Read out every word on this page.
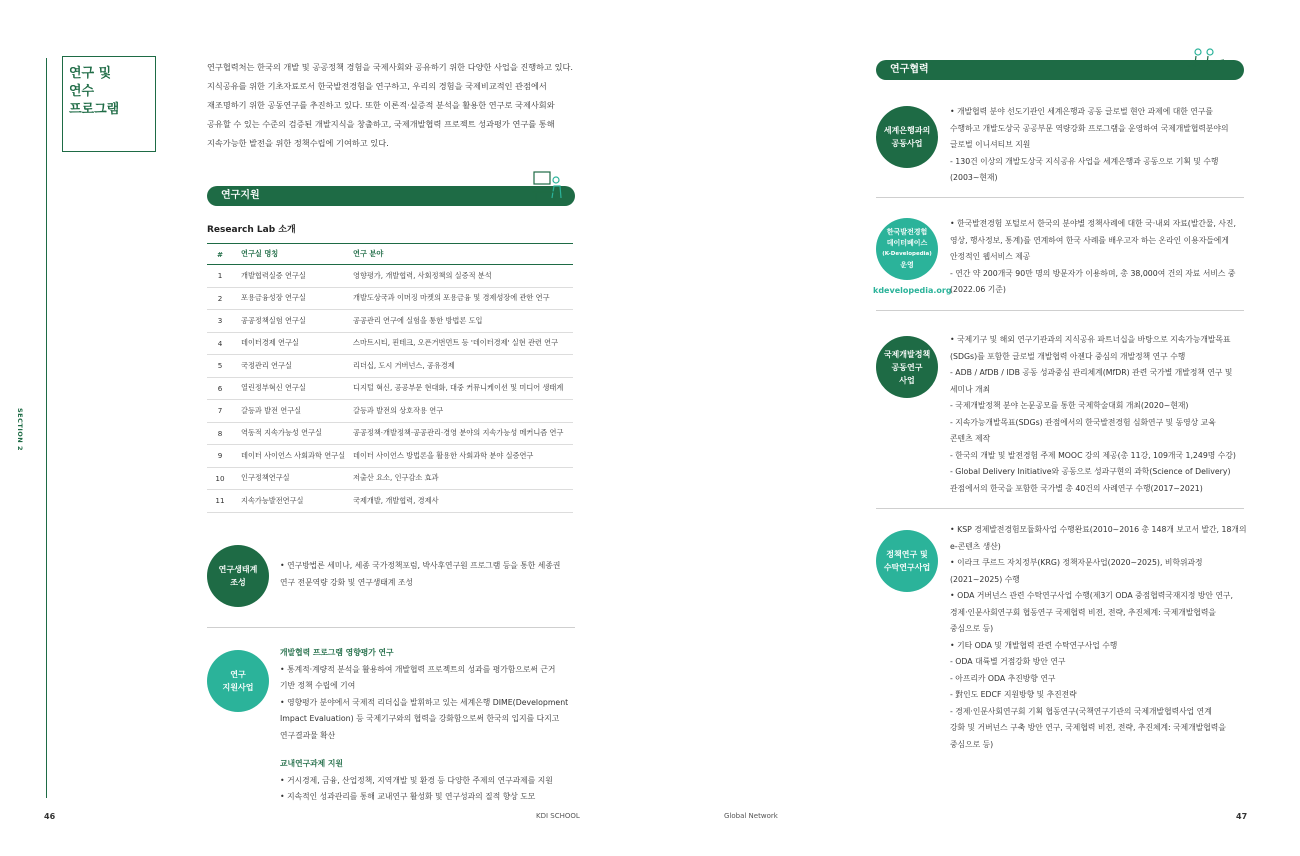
SECTION 2
연구 및
연수
프로그램
연구협력처는 한국의 개발 및 공공정책 경험을 국제사회와 공유하기 위한 다양한 사업을 진행하고 있다.
지식공유를 위한 기초자료로서 한국발전경험을 연구하고, 우리의 경험을 국제비교적인 관점에서
재조명하기 위한 공동연구를 추진하고 있다. 또한 이론적·실증적 분석을 활용한 연구로 국제사회와
공유할 수 있는 수준의 검증된 개발지식을 창출하고, 국제개발협력 프로젝트 성과평가 연구를 통해
지속가능한 발전을 위한 정책수립에 기여하고 있다.
연구지원
Research Lab 소개
#	연구실 명칭	연구 분야
1	개발협력실증 연구실	영향평가, 개발협력, 사회정책의 실증적 분석
2	포용금융성장 연구실	개발도상국과 이머징 마켓의 포용금융 및 경제성장에 관한 연구
3	공공정책실험 연구실	공공관리 연구에 실험을 통한 방법론 도입
4	데이터경제 연구실	스마트시티, 핀테크, 오픈거번먼트 등 '데이터경제' 실현 관련 연구
5	국정관리 연구실	리더십, 도시 거버넌스, 공유경제
6	열린정부혁신 연구실	디지털 혁신, 공공부문 현대화, 대중 커뮤니케이션 및 미디어 생태계
7	갈등과 발전 연구실	갈등과 발전의 상호작용 연구
8	역동적 지속가능성 연구실	공공정책·개발정책·공공관리·경영 분야의 지속가능성 메커니즘 연구
9	데이터 사이언스 사회과학 연구실	데이터 사이언스 방법론을 활용한 사회과학 분야 실증연구
10	인구정책연구실	저출산 요소, 인구감소 효과
11	지속가능발전연구실	국제개발, 개발협력, 경제사
연구생태계
조성

• 연구방법론 세미나, 세종 국가정책포럼, 박사후연구원 프로그램 등을 통한 세종권

연구 전문역량 강화 및 연구생태계 조성

연구
지원사업

개발협력 프로그램 영향평가 연구

• 통계적·계량적 분석을 활용하여 개발협력 프로젝트의 성과를 평가함으로써 근거

기반 정책 수립에 기여

• 영향평가 분야에서 국제적 리더십을 발휘하고 있는 세계은행 DIME(Development

Impact Evaluation) 등 국제기구와의 협력을 강화함으로써 한국의 입지를 다지고

연구결과물 확산

교내연구과제 지원

• 거시경제, 금융, 산업정책, 지역개발 및 환경 등 다양한 주제의 연구과제를 지원

• 지속적인 성과관리를 통해 교내연구 활성화 및 연구성과의 질적 향상 도모

46	KDI SCHOOL	Global Network	47
연구협력
세계은행과의
공동사업

• 개발협력 분야 선도기관인 세계은행과 공동 글로벌 현안 과제에 대한 연구를

수행하고 개발도상국 공공부문 역량강화 프로그램을 운영하여 국제개발협력분야의

글로벌 이니셔티브 지원

- 130건 이상의 개발도상국 지식공유 사업을 세계은행과 공동으로 기획 및 수행

(2003~현재)

한국발전경험
데이터베이스
(K-Developedia)
운영
kdevelopedia.org

• 한국발전경험 포털로서 한국의 분야별 정책사례에 대한 국·내외 자료(발간물, 사진,

영상, 행사정보, 통계)를 연계하여 한국 사례를 배우고자 하는 온라인 이용자들에게

안정적인 웹서비스 제공

- 연간 약 200개국 90만 명의 방문자가 이용하며, 총 38,000여 건의 자료 서비스 중

(2022.06 기준)

국제개발정책
공동연구
사업

• 국제기구 및 해외 연구기관과의 지식공유 파트너십을 바탕으로 지속가능개발목표

(SDGs)를 포함한 글로벌 개발협력 아젠다 중심의 개발정책 연구 수행

- ADB / AfDB / IDB 공동 성과중심 관리체계(MfDR) 관련 국가별 개발정책 연구 및

세미나 개최

- 국제개발정책 분야 논문공모를 통한 국제학술대회 개최(2020~현재)

- 지속가능개발목표(SDGs) 관점에서의 한국발전경험 심화연구 및 동영상 교육

콘텐츠 제작

- 한국의 개발 및 발전경험 주제 MOOC 강의 제공(총 11강, 109개국 1,249명 수강)

- Global Delivery Initiative와 공동으로 성과구현의 과학(Science of Delivery)

관점에서의 한국을 포함한 국가별 총 40건의 사례연구 수행(2017~2021)

정책연구 및
수탁연구사업

• KSP 경제발전경험모듈화사업 수행완료(2010~2016 총 148개 보고서 발간, 18개의

e-콘텐츠 생산)

• 이라크 쿠르드 자치정부(KRG) 정책자문사업(2020~2025), 비학위과정

(2021~2025) 수행

• ODA 거버넌스 관련 수탁연구사업 수행(제3기 ODA 중점협력국재지정 방안 연구,

경제·인문사회연구회 협동연구 국제협력 비전, 전략, 추진체계: 국제개발협력을

중심으로 등)

• 기타 ODA 및 개발협력 관련 수탁연구사업 수행

- ODA 대륙별 거점강화 방안 연구

- 아프리카 ODA 추진방향 연구

- 對인도 EDCF 지원방향 및 추진전략

- 경제·인문사회연구회 기획 협동연구(국책연구기관의 국제개발협력사업 연계

강화 및 거버넌스 구축 방안 연구, 국제협력 비전, 전략, 추진체계: 국제개발협력을

중심으로 등)
